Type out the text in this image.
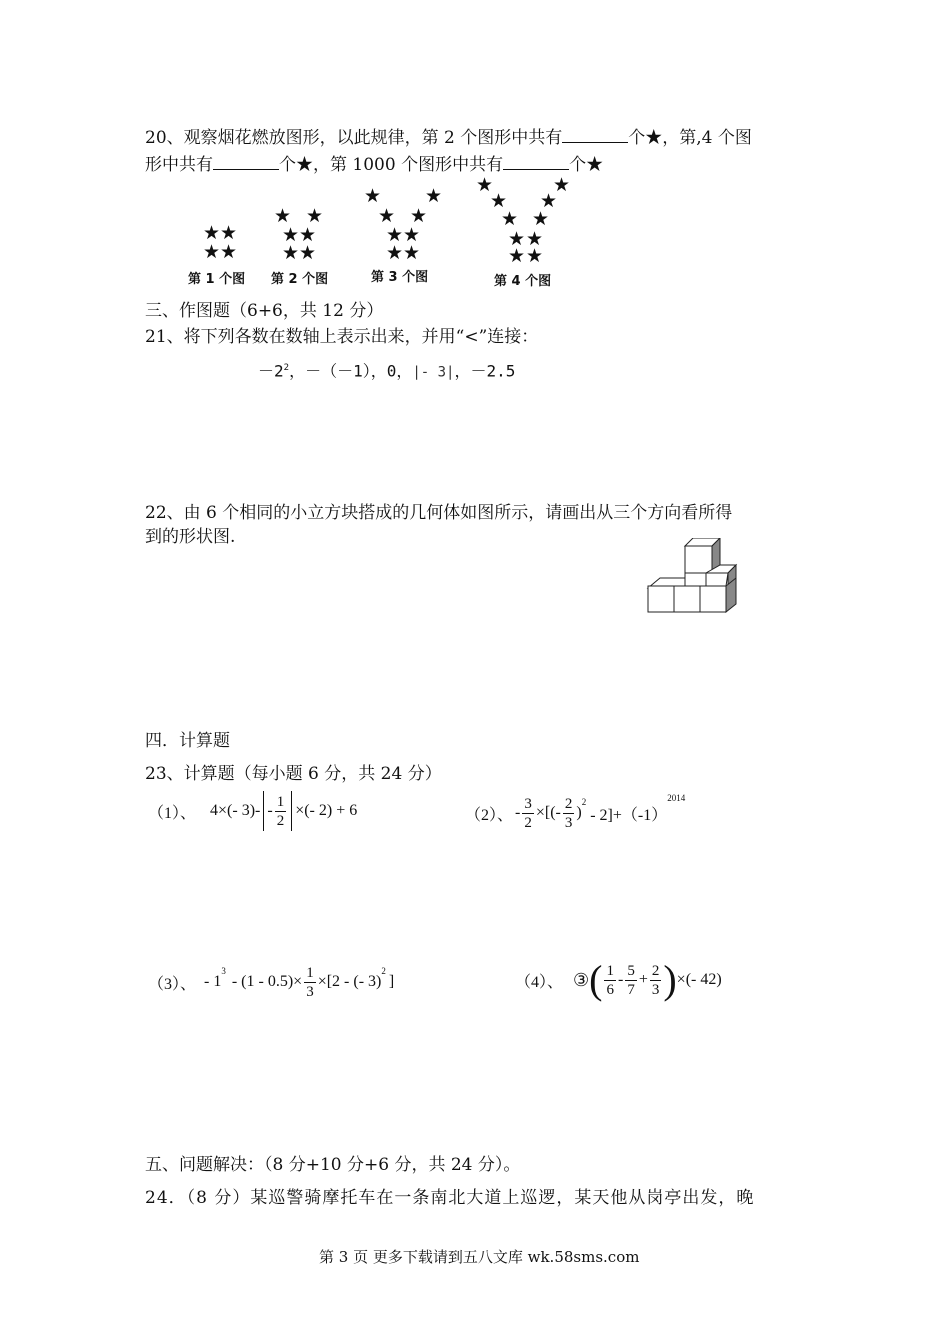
20、观察烟花燃放图形，以此规律，第 2 个图形中共有	个★，第,4 个图
形中共有	个★，第 1000 个图形中共有	个★
★ ★
★ ★
第 1 个图
★ ★
★ ★
★ ★
第 2 个图
★ ★
★ ★
★ ★
★ ★
第 3 个图
★	★
★ ★
★ ★
★ ★
★ ★
第 4 个图
三、作图题（6+6，共 12 分）
21、将下列各数在数轴上表示出来，并用“<”连接：
$-2^2$，－（－1），0，|- 3|，－2.5
22、由 6 个相同的小立方块搭成的几何体如图所示，请画出从三个方向看所得
到的形状图.
四．计算题
23、计算题（每小题 6 分，共 24 分）
（1）、 4×(- $3)- - \frac{1}{2}$ ×(- 2) + 6	（2）、 - $\frac{3}{2}$ ×[(- $\frac{2}{3}$ )
$^2$
- 2]+（-1）
$^{2014}$
（3）、 - 1
$^3$
- $(1 - 0.5)\times \frac{1}{3} \times[2$ - (- 3)
$^2$
]	（4）、 ③ ( $\frac{1}{6} - \frac{5}{7} + \frac{2}{3}$ ) ×(- 42)
五、问题解决：（8 分+10 分+6 分，共 24 分）。
24．（8 分）某巡警骑摩托车在一条南北大道上巡逻，某天他从岗亭出发，晚
第 3 页 更多下载请到五八文库 wk.58sms.com
